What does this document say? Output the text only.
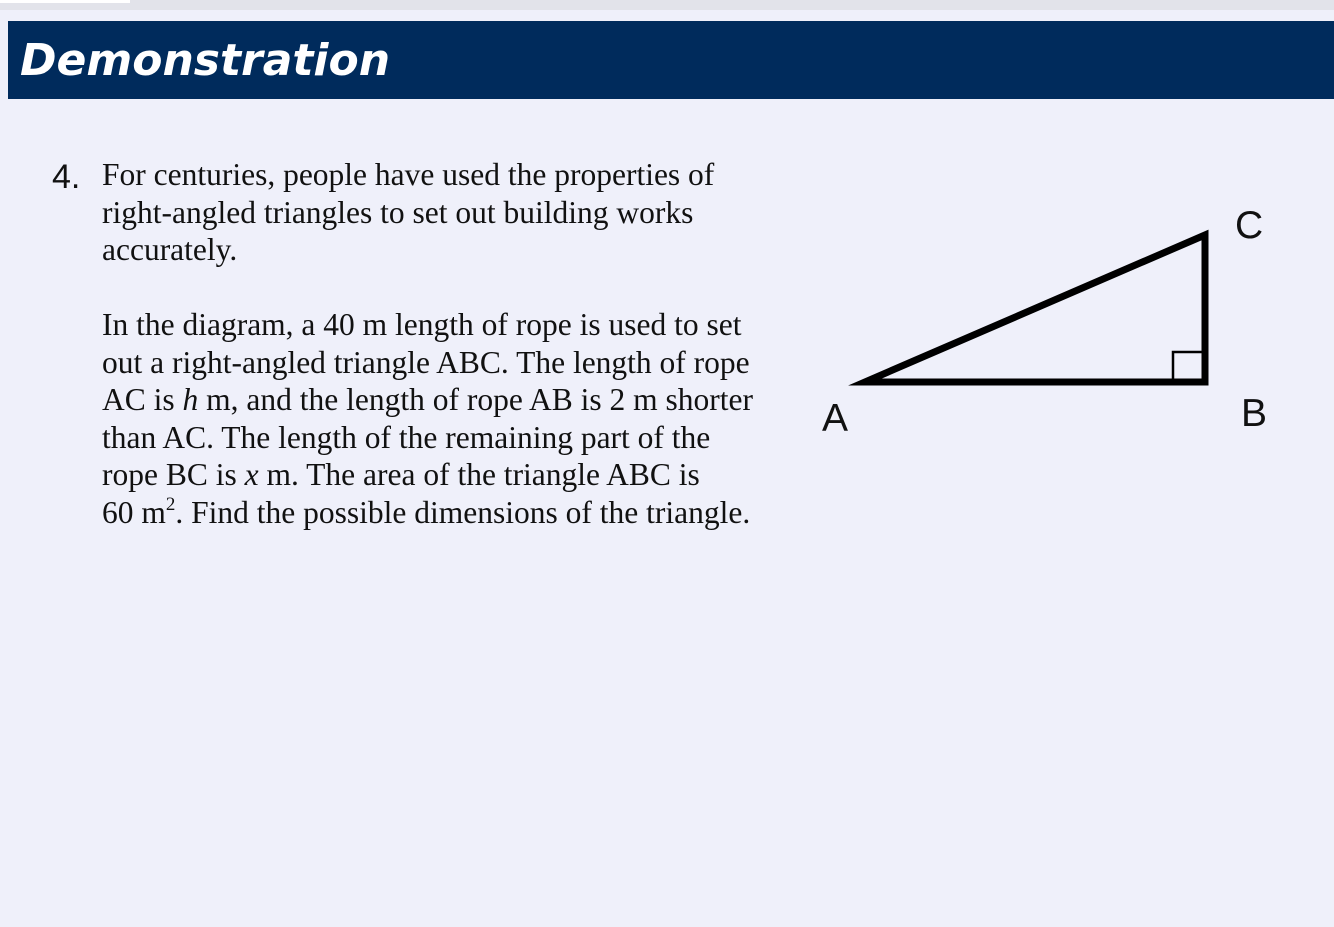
Demonstration
4. For centuries, people have used the properties of
right-angled triangles to set out building works
accurately.
In the diagram, a 40 m length of rope is used to set
out a right-angled triangle ABC. The length of rope
AC is h m, and the length of rope AB is 2 m shorter
than AC. The length of the remaining part of the
rope BC is x m. The area of the triangle ABC is
60 $m^2$. Find the possible dimensions of the triangle.
A	B
C
